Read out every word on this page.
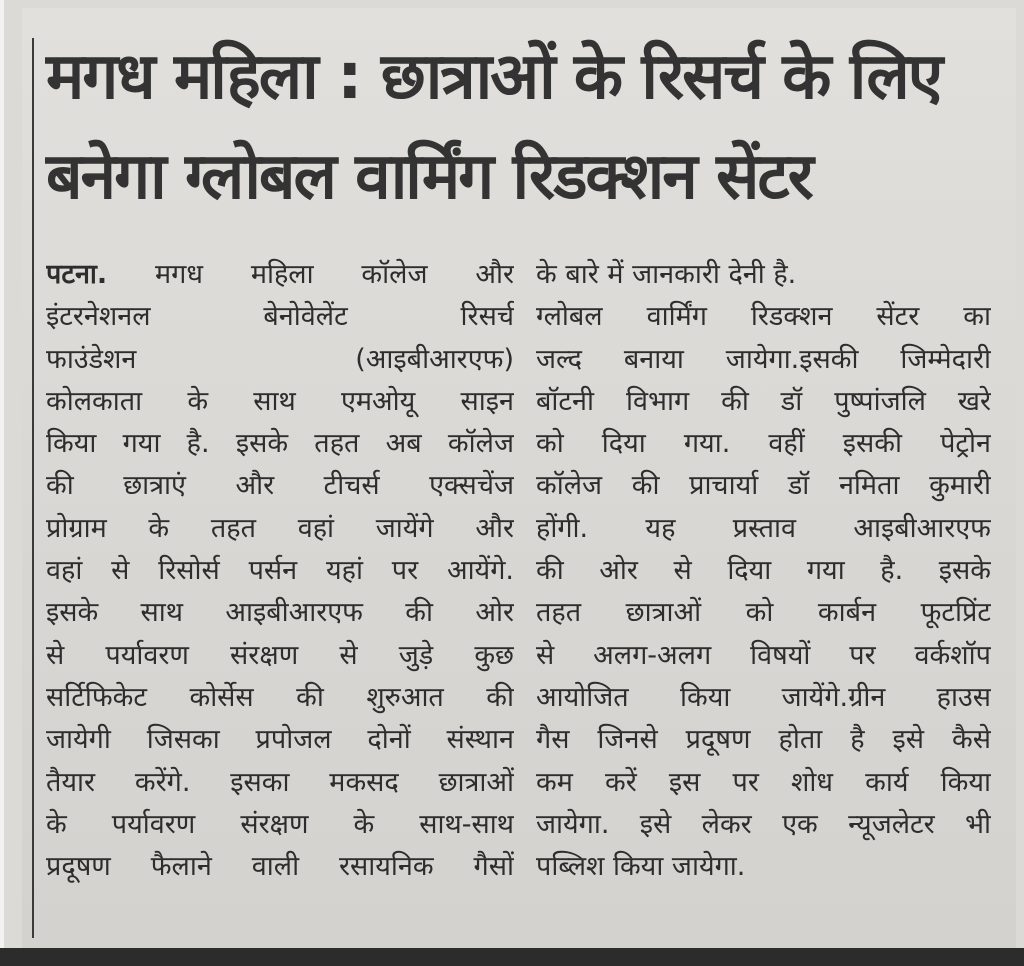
मगध महिला : छात्राओं के रिसर्च के लिए
बनेगा ग्लोबल वार्मिंग रिडक्शन सेंटर
पटना. मगध महिला कॉलेज और
इंटरनेशनल बेनोवेलेंट रिसर्च
फाउंडेशन (आइबीआरएफ)
कोलकाता के साथ एमओयू साइन
किया गया है. इसके तहत अब कॉलेज
की छात्राएं और टीचर्स एक्सचेंज
प्रोग्राम के तहत वहां जायेंगे और
वहां से रिसोर्स पर्सन यहां पर आयेंगे.
इसके साथ आइबीआरएफ की ओर
से पर्यावरण संरक्षण से जुड़े कुछ
सर्टिफिकेट कोर्सेस की शुरुआत की
जायेगी जिसका प्रपोजल दोनों संस्थान
तैयार करेंगे. इसका मकसद छात्राओं
के पर्यावरण संरक्षण के साथ-साथ
प्रदूषण फैलाने वाली रसायनिक गैसों
के बारे में जानकारी देनी है.
ग्लोबल वार्मिंग रिडक्शन सेंटर का
जल्द बनाया जायेगा.इसकी जिम्मेदारी
बॉटनी विभाग की डॉ पुष्पांजलि खरे
को दिया गया. वहीं इसकी पेट्रोन
कॉलेज की प्राचार्या डॉ नमिता कुमारी
होंगी. यह प्रस्ताव आइबीआरएफ
की ओर से दिया गया है. इसके
तहत छात्राओं को कार्बन फूटप्रिंट
से अलग-अलग विषयों पर वर्कशॉप
आयोजित किया जायेंगे.ग्रीन हाउस
गैस जिनसे प्रदूषण होता है इसे कैसे
कम करें इस पर शोध कार्य किया
जायेगा. इसे लेकर एक न्यूजलेटर भी
पब्लिश किया जायेगा.
